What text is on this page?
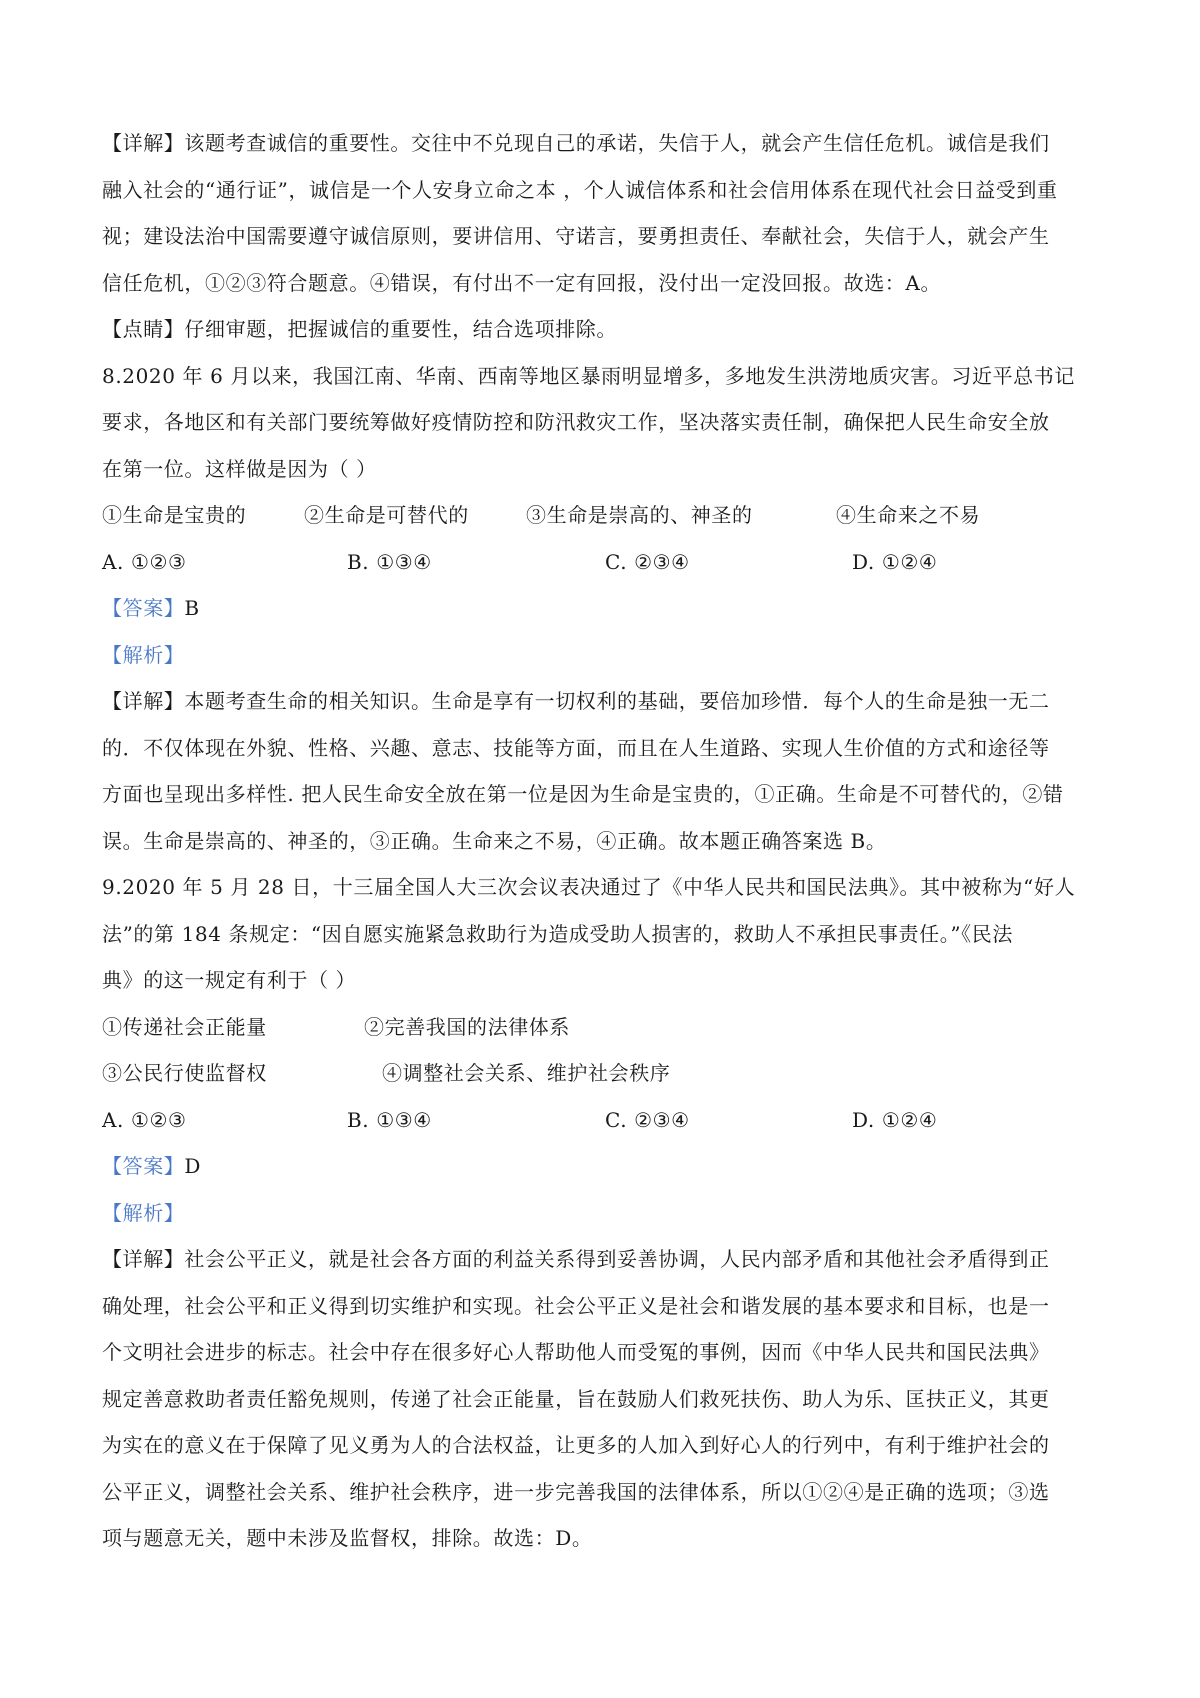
【详解】该题考查诚信的重要性。交往中不兑现自己的承诺，失信于人，就会产生信任危机。诚信是我们

融入社会的“通行证”，诚信是一个人安身立命之本 ，个人诚信体系和社会信用体系在现代社会日益受到重

视；建设法治中国需要遵守诚信原则，要讲信用、守诺言，要勇担责任、奉献社会，失信于人，就会产生

信任危机，①②③符合题意。④错误，有付出不一定有回报，没付出一定没回报。故选：A。

【点睛】仔细审题，把握诚信的重要性，结合选项排除。

8.2020 年 6 月以来，我国江南、华南、西南等地区暴雨明显增多，多地发生洪涝地质灾害。习近平总书记

要求，各地区和有关部门要统筹做好疫情防控和防汛救灾工作，坚决落实责任制，确保把人民生命安全放

在第一位。这样做是因为（ ）

①生命是宝贵的	②生命是可替代的	③生命是崇高的、神圣的	④生命来之不易
A. ①②③	B. ①③④	C. ②③④	D. ①②④

【答案】B

【解析】

【详解】本题考查生命的相关知识。生命是享有一切权利的基础，要倍加珍惜．每个人的生命是独一无二

的．不仅体现在外貌、性格、兴趣、意志、技能等方面，而且在人生道路、实现人生价值的方式和途径等

方面也呈现出多样性. 把人民生命安全放在第一位是因为生命是宝贵的，①正确。生命是不可替代的，②错

误。生命是崇高的、神圣的，③正确。生命来之不易，④正确。故本题正确答案选 B。

9.2020 年 5 月 28 日，十三届全国人大三次会议表决通过了《中华人民共和国民法典》。其中被称为“好人

法”的第 184 条规定：“因自愿实施紧急救助行为造成受助人损害的，救助人不承担民事责任。”《民法

典》的这一规定有利于（ ）

①传递社会正能量	②完善我国的法律体系
③公民行使监督权	④调整社会关系、维护社会秩序
A. ①②③	B. ①③④	C. ②③④	D. ①②④

【答案】D

【解析】

【详解】社会公平正义，就是社会各方面的利益关系得到妥善协调，人民内部矛盾和其他社会矛盾得到正

确处理，社会公平和正义得到切实维护和实现。社会公平正义是社会和谐发展的基本要求和目标，也是一

个文明社会进步的标志。社会中存在很多好心人帮助他人而受冤的事例，因而《中华人民共和国民法典》

规定善意救助者责任豁免规则，传递了社会正能量，旨在鼓励人们救死扶伤、助人为乐、匡扶正义，其更

为实在的意义在于保障了见义勇为人的合法权益，让更多的人加入到好心人的行列中，有利于维护社会的

公平正义，调整社会关系、维护社会秩序，进一步完善我国的法律体系，所以①②④是正确的选项；③选

项与题意无关，题中未涉及监督权，排除。故选：D。
